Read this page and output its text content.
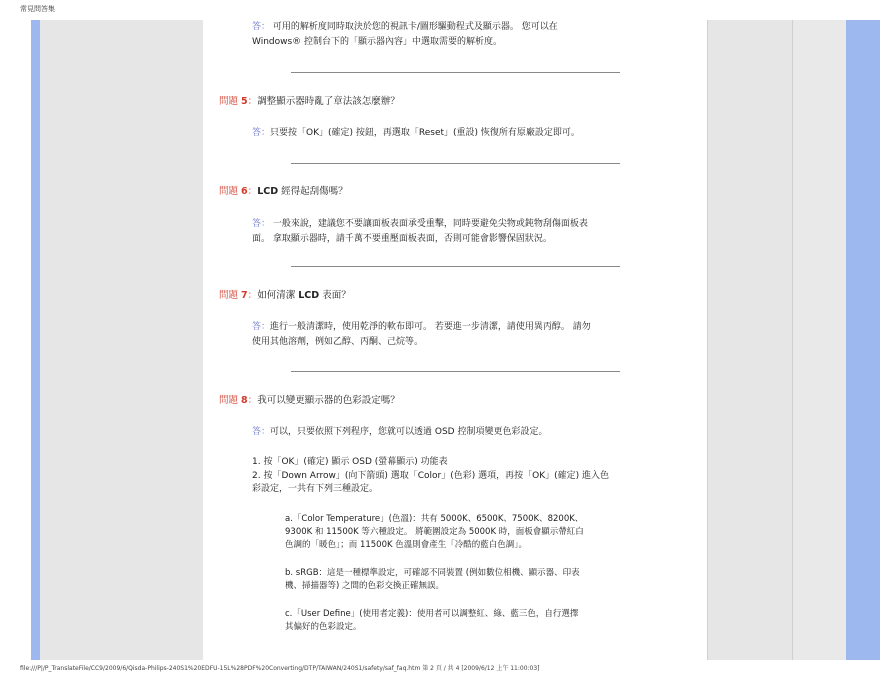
常見問答集
答： 可用的解析度同時取決於您的視訊卡/圖形驅動程式及顯示器。 您可以在
Windows® 控制台下的「顯示器內容」中選取需要的解析度。
問題 5：調整顯示器時亂了章法該怎麼辦？
答：只要按「OK」(確定) 按鈕，再選取「Reset」(重設) 恢復所有原廠設定即可。
問題 6：LCD 經得起刮傷嗎？
答： 一般來說，建議您不要讓面板表面承受重擊，同時要避免尖物或鈍物刮傷面板表
面。 拿取顯示器時，請千萬不要重壓面板表面，否則可能會影響保固狀況。
問題 7：如何清潔 LCD 表面？
答：進行一般清潔時，使用乾淨的軟布即可。 若要進一步清潔，請使用異丙醇。 請勿
使用其他溶劑，例如乙醇、丙酮、己烷等。
問題 8：我可以變更顯示器的色彩設定嗎？
答：可以，只要依照下列程序，您就可以透過 OSD 控制項變更色彩設定。
1. 按「OK」(確定) 顯示 OSD (螢幕顯示) 功能表
2. 按「Down Arrow」(向下箭頭) 選取「Color」(色彩) 選項，再按「OK」(確定) 進入色
彩設定，一共有下列三種設定。
a.「Color Temperature」(色溫)：共有 5000K、6500K、7500K、8200K、
9300K 和 11500K 等六種設定。 將範圍設定為 5000K 時，面板會顯示帶紅白
色調的「暖色」；而 11500K 色溫則會產生「冷酷的藍白色調」。
b. sRGB：這是一種標準設定，可確認不同裝置 (例如數位相機、顯示器、印表
機、掃描器等) 之間的色彩交換正確無誤。
c.「User Define」(使用者定義)：使用者可以調整紅、綠、藍三色，自行選擇
其偏好的色彩設定。
file:///P|/P_TranslateFile/CC9/2009/6/Qisda-Philips-240S1%20EDFU-15L%28PDF%20Converting/DTP/TAIWAN/240S1/safety/saf_faq.htm 第 2 頁 / 共 4 [2009/6/12 上午 11:00:03]
